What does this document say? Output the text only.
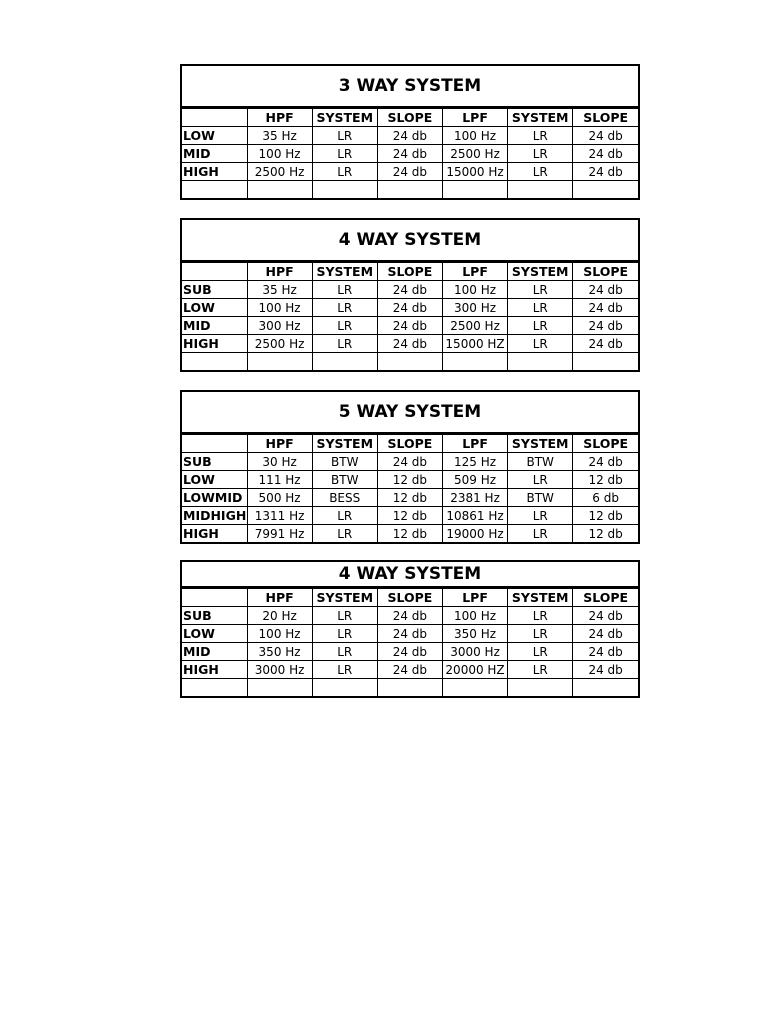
3 WAY SYSTEM
	HPF	SYSTEM	SLOPE	LPF	SYSTEM	SLOPE
LOW	35 Hz	LR	24 db	100 Hz	LR	24 db
MID	100 Hz	LR	24 db	2500 Hz	LR	24 db
HIGH	2500 Hz	LR	24 db	15000 Hz	LR	24 db

4 WAY SYSTEM
	HPF	SYSTEM	SLOPE	LPF	SYSTEM	SLOPE
SUB	35 Hz	LR	24 db	100 Hz	LR	24 db
LOW	100 Hz	LR	24 db	300 Hz	LR	24 db
MID	300 Hz	LR	24 db	2500 Hz	LR	24 db
HIGH	2500 Hz	LR	24 db	15000 HZ	LR	24 db

5 WAY SYSTEM
	HPF	SYSTEM	SLOPE	LPF	SYSTEM	SLOPE
SUB	30 Hz	BTW	24 db	125 Hz	BTW	24 db
LOW	111 Hz	BTW	12 db	509 Hz	LR	12 db
LOWMID	500 Hz	BESS	12 db	2381 Hz	BTW	6 db
MIDHIGH	1311 Hz	LR	12 db	10861 Hz	LR	12 db
HIGH	7991 Hz	LR	12 db	19000 Hz	LR	12 db
4 WAY SYSTEM
	HPF	SYSTEM	SLOPE	LPF	SYSTEM	SLOPE
SUB	20 Hz	LR	24 db	100 Hz	LR	24 db
LOW	100 Hz	LR	24 db	350 Hz	LR	24 db
MID	350 Hz	LR	24 db	3000 Hz	LR	24 db
HIGH	3000 Hz	LR	24 db	20000 HZ	LR	24 db
